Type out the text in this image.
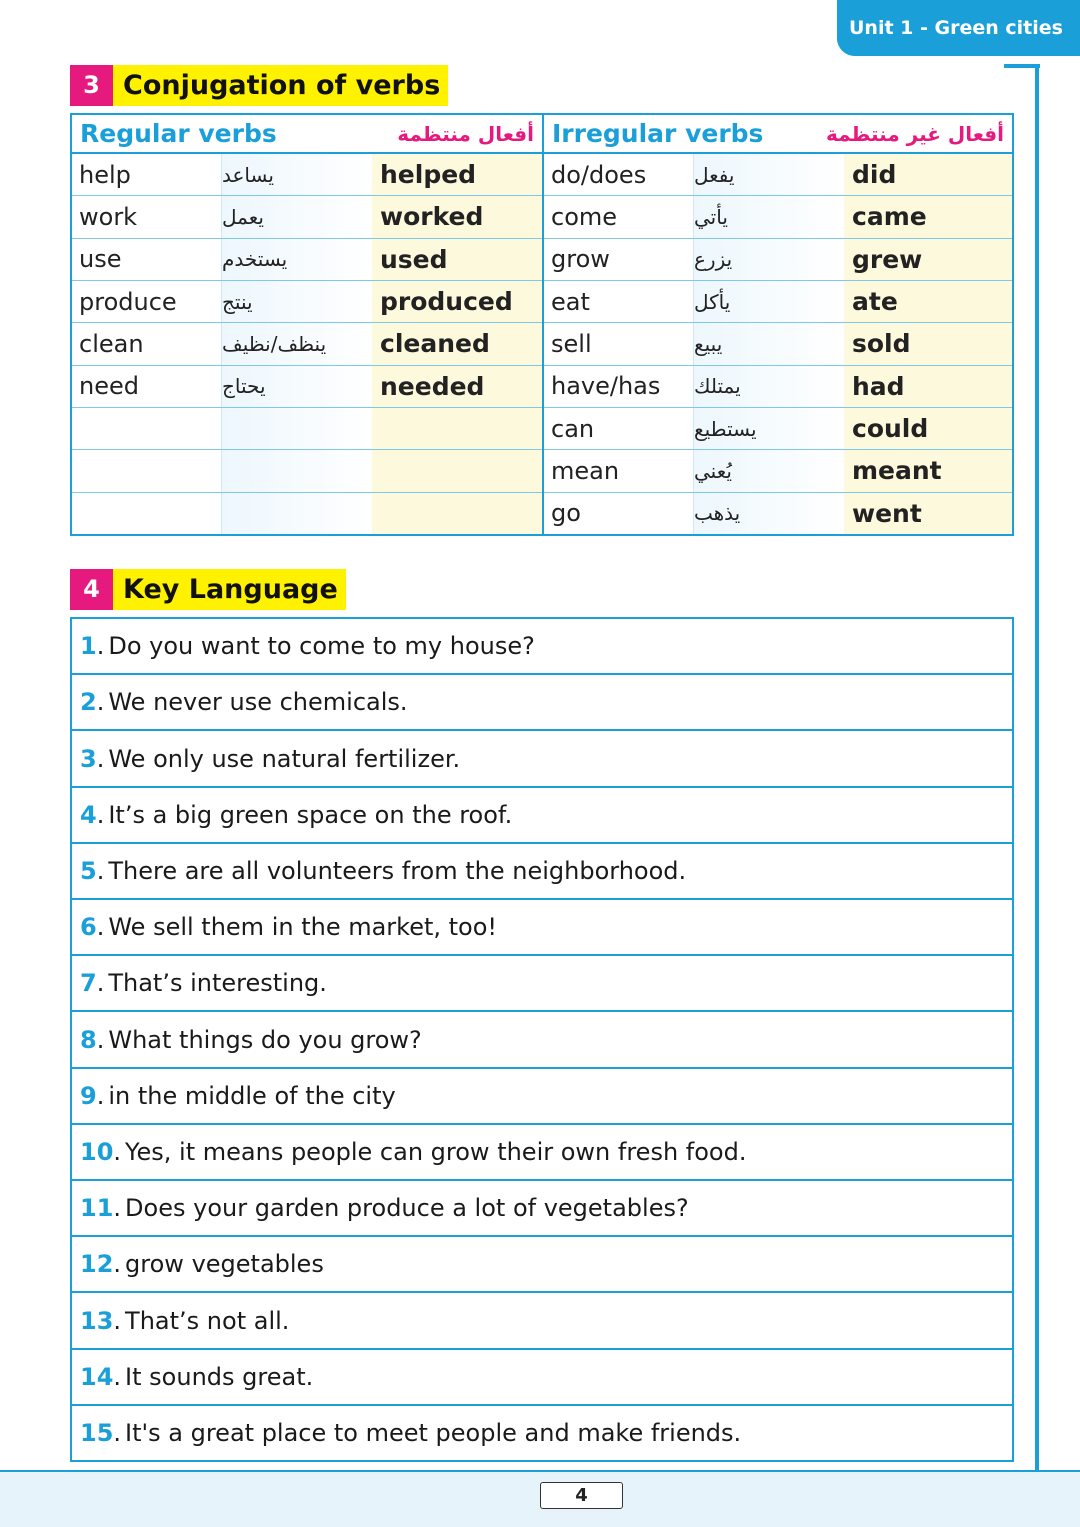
Unit 1 - Green cities
3 Conjugation of verbs
Regular verbs	أفعال منتظمة
help	يساعد	helped
work	يعمل	worked
use	يستخدم	used
produce	ينتج	produced
clean	ينظف/نظيف	cleaned
need	يحتاج	needed
Irregular verbs	أفعال غير منتظمة
do/does	يفعل	did
come	يأتي	came
grow	يزرع	grew
eat	يأكل	ate
sell	يبيع	sold
have/has	يمتلك	had
can	يستطيع	could
mean	يُعني	meant
go	يذهب	went
4 Key Language
1 . Do you want to come to my house?
2 . We never use chemicals.
3 . We only use natural fertilizer.
4 . It’s a big green space on the roof.
5 . There are all volunteers from the neighborhood.
6 . We sell them in the market, too!
7 . That’s interesting.
8 . What things do you grow?
9 . in the middle of the city
10 . Yes, it means people can grow their own fresh food.
11 . Does your garden produce a lot of vegetables?
12 . grow vegetables
13 . That’s not all.
14 . It sounds great.
15 . It's a great place to meet people and make friends.
4
